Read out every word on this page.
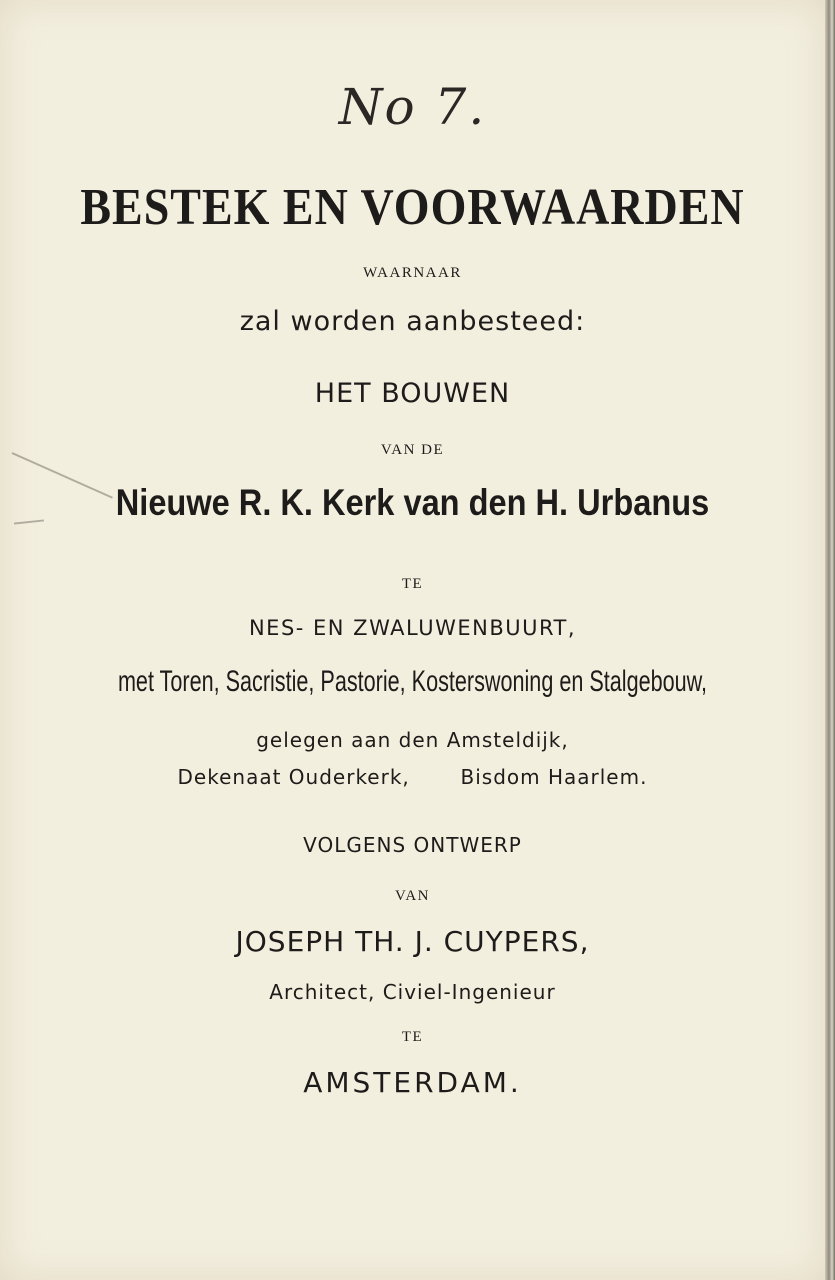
No 7.
BESTEK EN VOORWAARDEN
WAARNAAR
zal worden aanbesteed:
HET BOUWEN
VAN DE
Nieuwe R. K. Kerk van den H. Urbanus
TE
NES- EN ZWALUWENBUURT,
met Toren, Sacristie, Pastorie, Kosterswoning en Stalgebouw,
gelegen aan den Amsteldijk,
Dekenaat Ouderkerk,	Bisdom Haarlem.
VOLGENS ONTWERP
VAN
JOSEPH TH. J. CUYPERS,
Architect, Civiel-Ingenieur
TE
AMSTERDAM.
